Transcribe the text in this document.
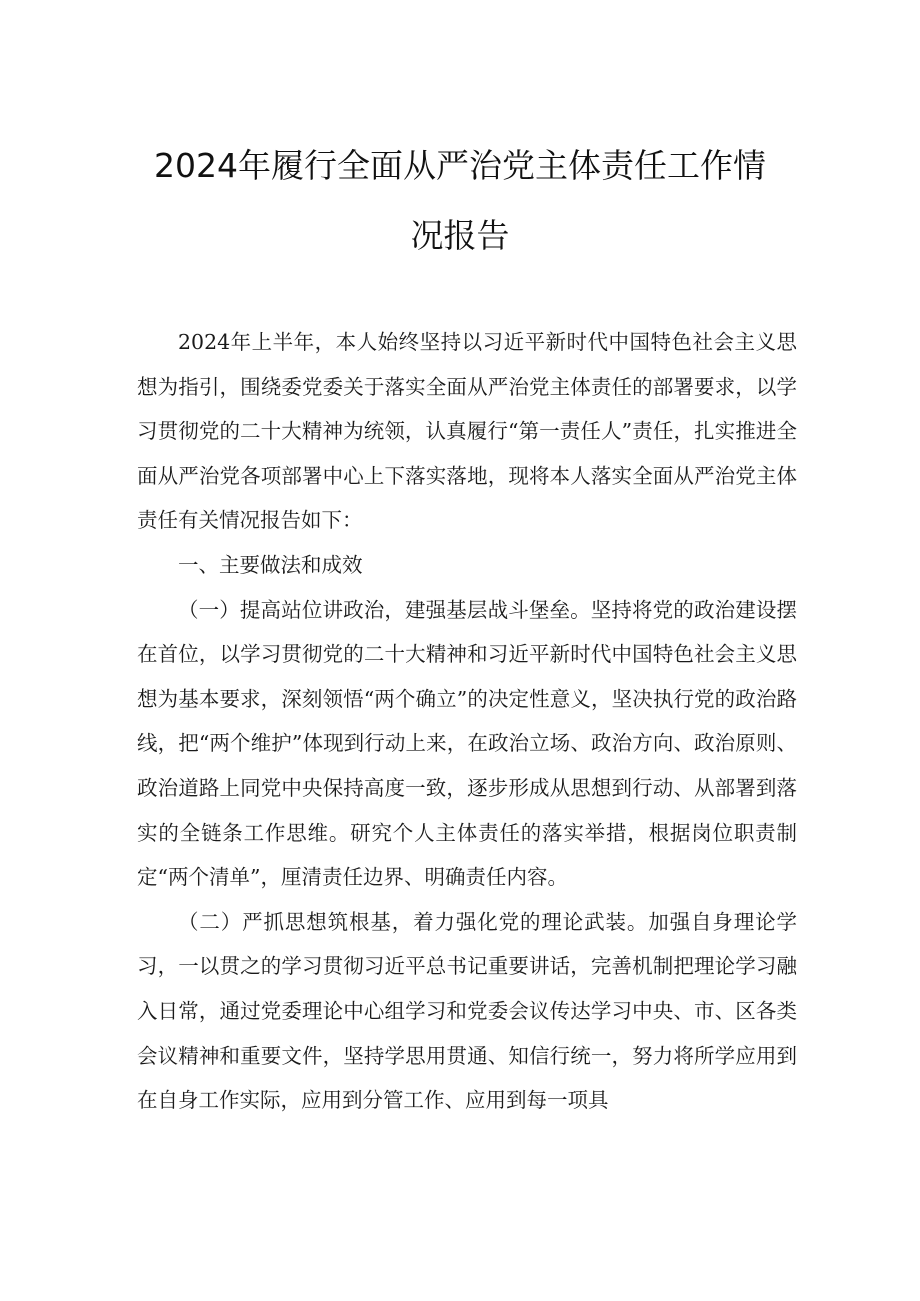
2024年履行全面从严治党主体责任工作情
况报告

2024年上半年，本人始终坚持以习近平新时代中国特色社会主义思想为指引，围绕委党委关于落实全面从严治党主体责任的部署要求，以学习贯彻党的二十大精神为统领，认真履行“第一责任人”责任，扎实推进全面从严治党各项部署中心上下落实落地，现将本人落实全面从严治党主体责任有关情况报告如下：

一、主要做法和成效

（一）提高站位讲政治，建强基层战斗堡垒。坚持将党的政治建设摆在首位，以学习贯彻党的二十大精神和习近平新时代中国特色社会主义思想为基本要求，深刻领悟“两个确立”的决定性意义，坚决执行党的政治路线，把“两个维护”体现到行动上来，在政治立场、政治方向、政治原则、政治道路上同党中央保持高度一致，逐步形成从思想到行动、从部署到落实的全链条工作思维。研究个人主体责任的落实举措，根据岗位职责制定“两个清单”，厘清责任边界、明确责任内容。

（二）严抓思想筑根基，着力强化党的理论武装。加强自身理论学习，一以贯之的学习贯彻习近平总书记重要讲话，完善机制把理论学习融入日常，通过党委理论中心组学习和党委会议传达学习中央、市、区各类会议精神和重要文件，坚持学思用贯通、知信行统一，努力将所学应用到在自身工作实际，应用到分管工作、应用到每一项具
